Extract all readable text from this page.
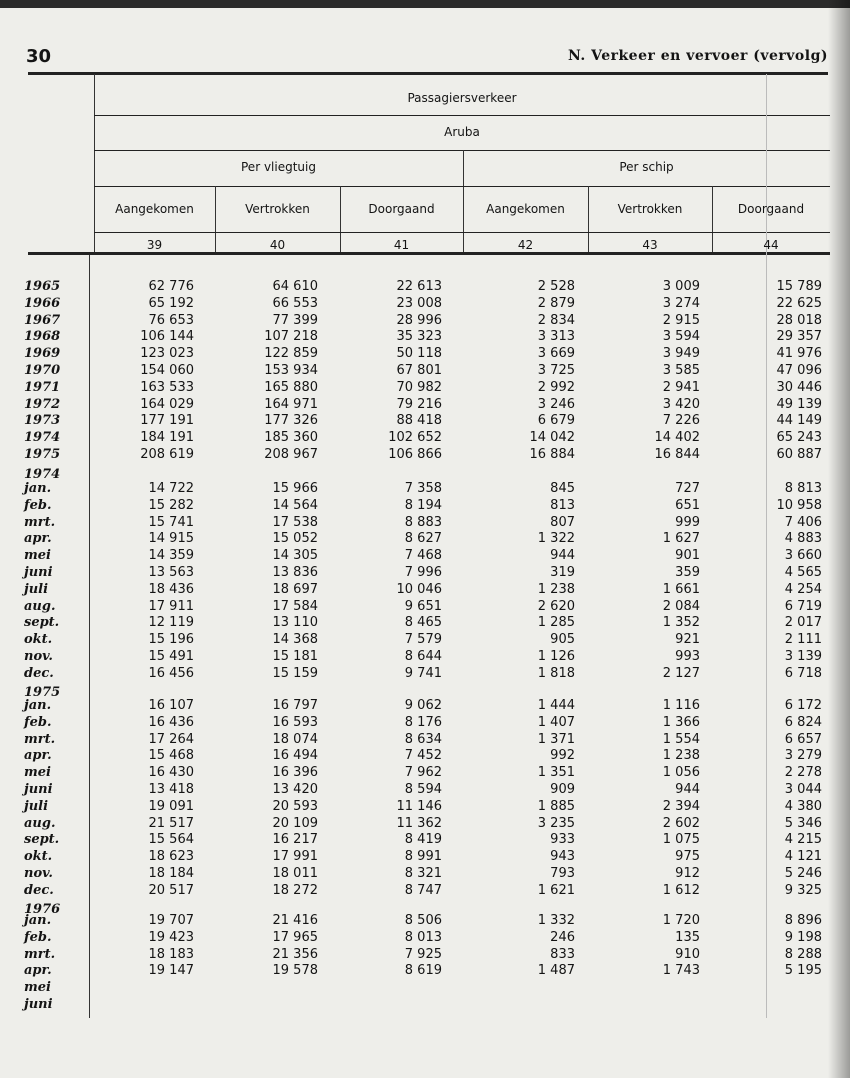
30	N. Verkeer en vervoer (vervolg)
Passagiersverkeer
Aruba
Per vliegtuig	Per schip
Aangekomen	Vertrokken	Doorgaand	Aangekomen	Vertrokken	Doorgaand
39	40	41	42	43	44
1965	62 776	64 610	22 613	2 528	3 009	15 789
1966	65 192	66 553	23 008	2 879	3 274	22 625
1967	76 653	77 399	28 996	2 834	2 915	28 018
1968	106 144	107 218	35 323	3 313	3 594	29 357
1969	123 023	122 859	50 118	3 669	3 949	41 976
1970	154 060	153 934	67 801	3 725	3 585	47 096
1971	163 533	165 880	70 982	2 992	2 941	30 446
1972	164 029	164 971	79 216	3 246	3 420	49 139
1973	177 191	177 326	88 418	6 679	7 226	44 149
1974	184 191	185 360	102 652	14 042	14 402	65 243
1975	208 619	208 967	106 866	16 884	16 844	60 887
1974
jan.	14 722	15 966	7 358	845	727	8 813
feb.	15 282	14 564	8 194	813	651	10 958
mrt.	15 741	17 538	8 883	807	999	7 406
apr.	14 915	15 052	8 627	1 322	1 627	4 883
mei	14 359	14 305	7 468	944	901	3 660
juni	13 563	13 836	7 996	319	359	4 565
juli	18 436	18 697	10 046	1 238	1 661	4 254
aug.	17 911	17 584	9 651	2 620	2 084	6 719
sept.	12 119	13 110	8 465	1 285	1 352	2 017
okt.	15 196	14 368	7 579	905	921	2 111
nov.	15 491	15 181	8 644	1 126	993	3 139
dec.	16 456	15 159	9 741	1 818	2 127	6 718
1975
jan.	16 107	16 797	9 062	1 444	1 116	6 172
feb.	16 436	16 593	8 176	1 407	1 366	6 824
mrt.	17 264	18 074	8 634	1 371	1 554	6 657
apr.	15 468	16 494	7 452	992	1 238	3 279
mei	16 430	16 396	7 962	1 351	1 056	2 278
juni	13 418	13 420	8 594	909	944	3 044
juli	19 091	20 593	11 146	1 885	2 394	4 380
aug.	21 517	20 109	11 362	3 235	2 602	5 346
sept.	15 564	16 217	8 419	933	1 075	4 215
okt.	18 623	17 991	8 991	943	975	4 121
nov.	18 184	18 011	8 321	793	912	5 246
dec.	20 517	18 272	8 747	1 621	1 612	9 325
1976
jan.	19 707	21 416	8 506	1 332	1 720	8 896
feb.	19 423	17 965	8 013	246	135	9 198
mrt.	18 183	21 356	7 925	833	910	8 288
apr.	19 147	19 578	8 619	1 487	1 743	5 195
mei
juni
